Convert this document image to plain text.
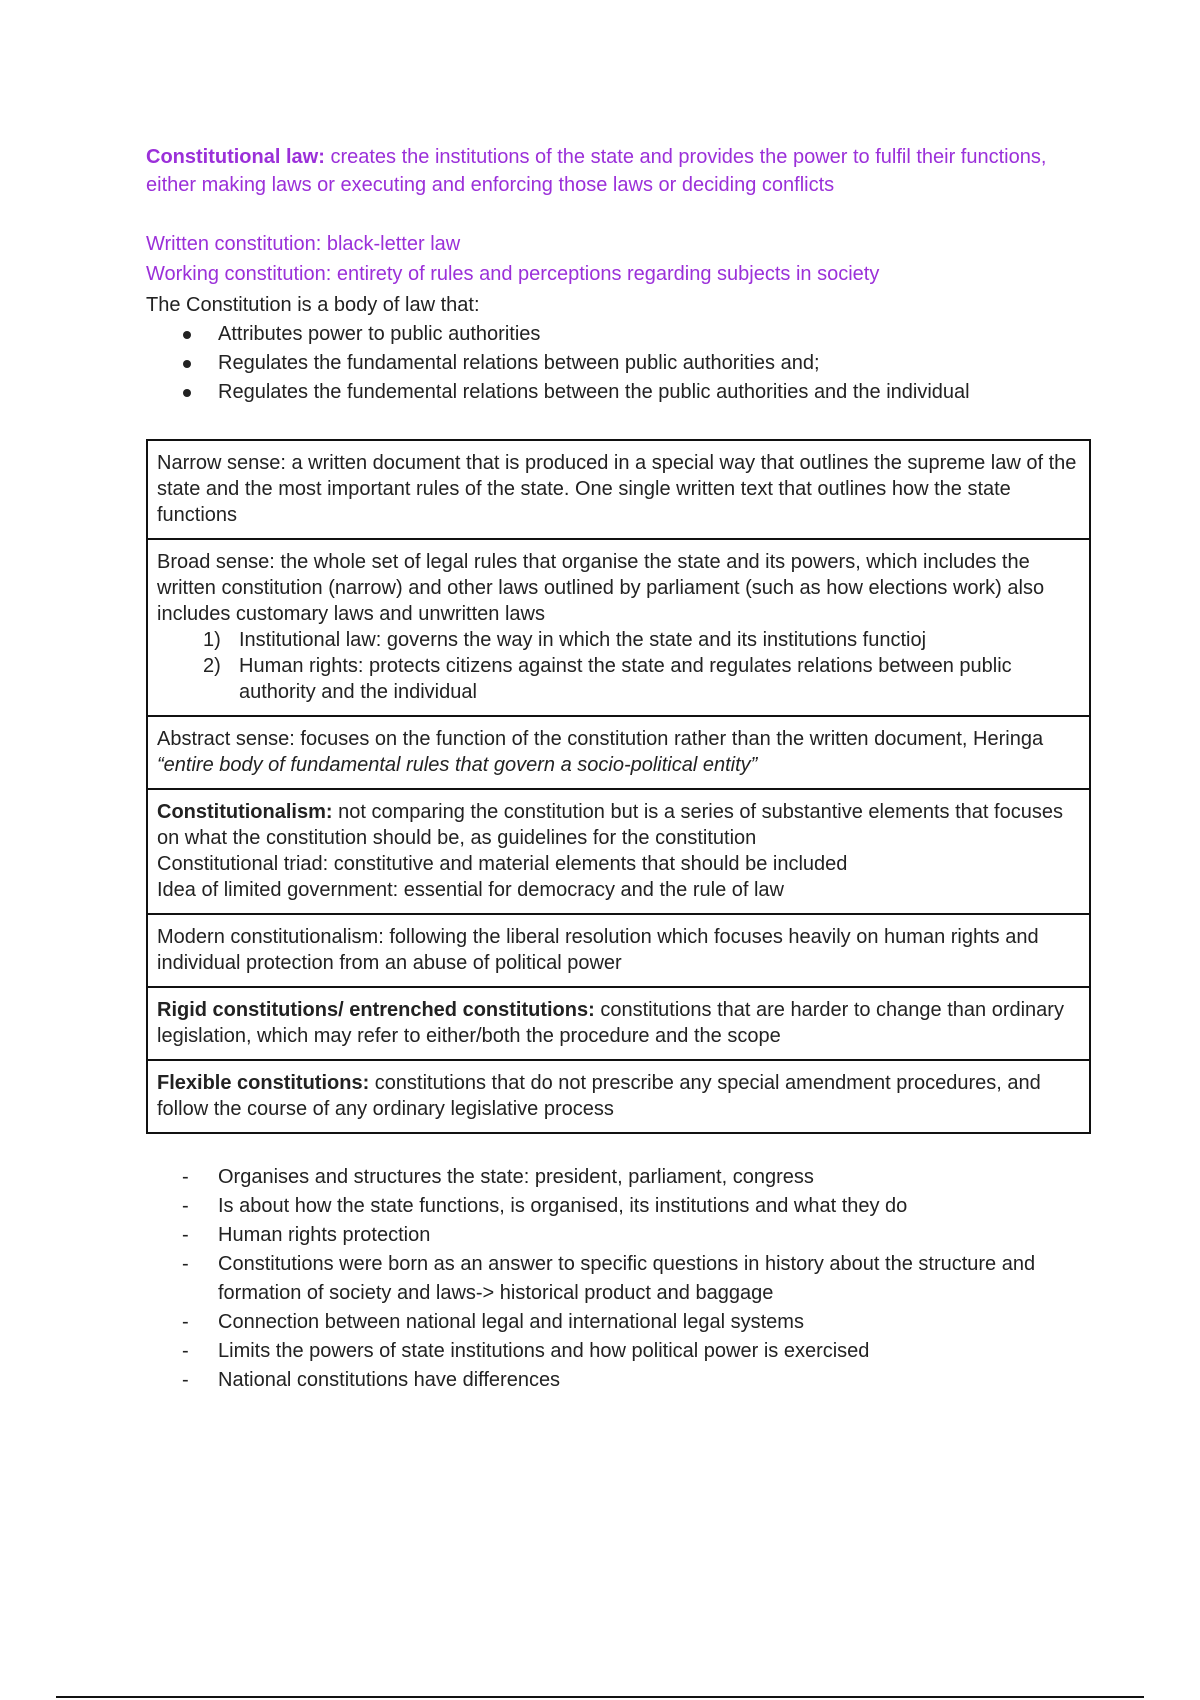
Constitutional law: creates the institutions of the state and provides the power to fulfil their functions, either making laws or executing and enforcing those laws or deciding conflicts

Written constitution: black-letter law

Working constitution: entirety of rules and perceptions regarding subjects in society

The Constitution is a body of law that:

Attributes power to public authorities
Regulates the fundamental relations between public authorities and;
Regulates the fundemental relations between the public authorities and the individual
Narrow sense: a written document that is produced in a special way that outlines the supreme law of the state and the most important rules of the state. One single written text that outlines how the state functions

Broad sense: the whole set of legal rules that organise the state and its powers, which includes the written constitution (narrow) and other laws outlined by parliament (such as how elections work) also includes customary laws and unwritten laws
1) Institutional law: governs the way in which the state and its institutions functioj
2) Human rights: protects citizens against the state and regulates relations between public authority and the individual

Abstract sense: focuses on the function of the constitution rather than the written document, Heringa “entire body of fundamental rules that govern a socio-political entity”

Constitutionalism: not comparing the constitution but is a series of substantive elements that focuses on what the constitution should be, as guidelines for the constitution
Constitutional triad: constitutive and material elements that should be included
Idea of limited government: essential for democracy and the rule of law

Modern constitutionalism: following the liberal resolution which focuses heavily on human rights and individual protection from an abuse of political power
Rigid constitutions/ entrenched constitutions: constitutions that are harder to change than ordinary legislation, which may refer to either/both the procedure and the scope
Flexible constitutions: constitutions that do not prescribe any special amendment procedures, and follow the course of any ordinary legislative process
- Organises and structures the state: president, parliament, congress
- Is about how the state functions, is organised, its institutions and what they do
- Human rights protection
- Constitutions were born as an answer to specific questions in history about the structure and formation of society and laws-> historical product and baggage
- Connection between national legal and international legal systems
- Limits the powers of state institutions and how political power is exercised
- National constitutions have differences
